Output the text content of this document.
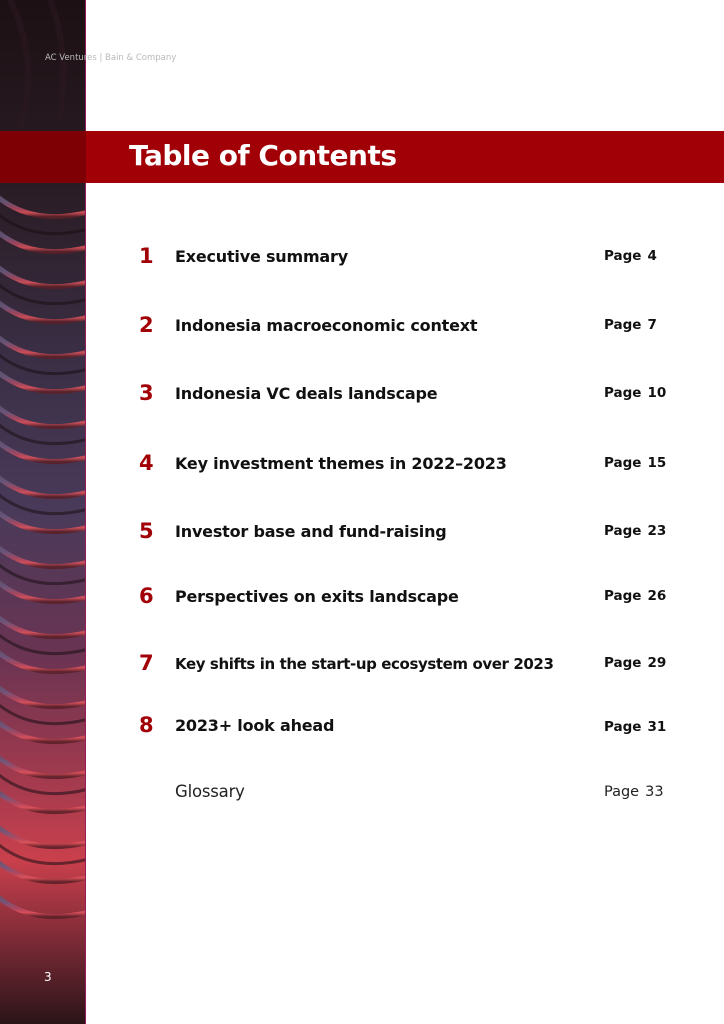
AC Ventures | Bain & Company
Table of Contents
1 Executive summary	Page 4
2 Indonesia macroeconomic context	Page 7
3 Indonesia VC deals landscape	Page 10
4 Key investment themes in 2022–2023	Page 15
5 Investor base and fund-raising	Page 23
6 Perspectives on exits landscape	Page 26
7 Key shifts in the start-up ecosystem over 2023	Page 29
8 2023+ look ahead	Page 31
Glossary	Page 33
3
